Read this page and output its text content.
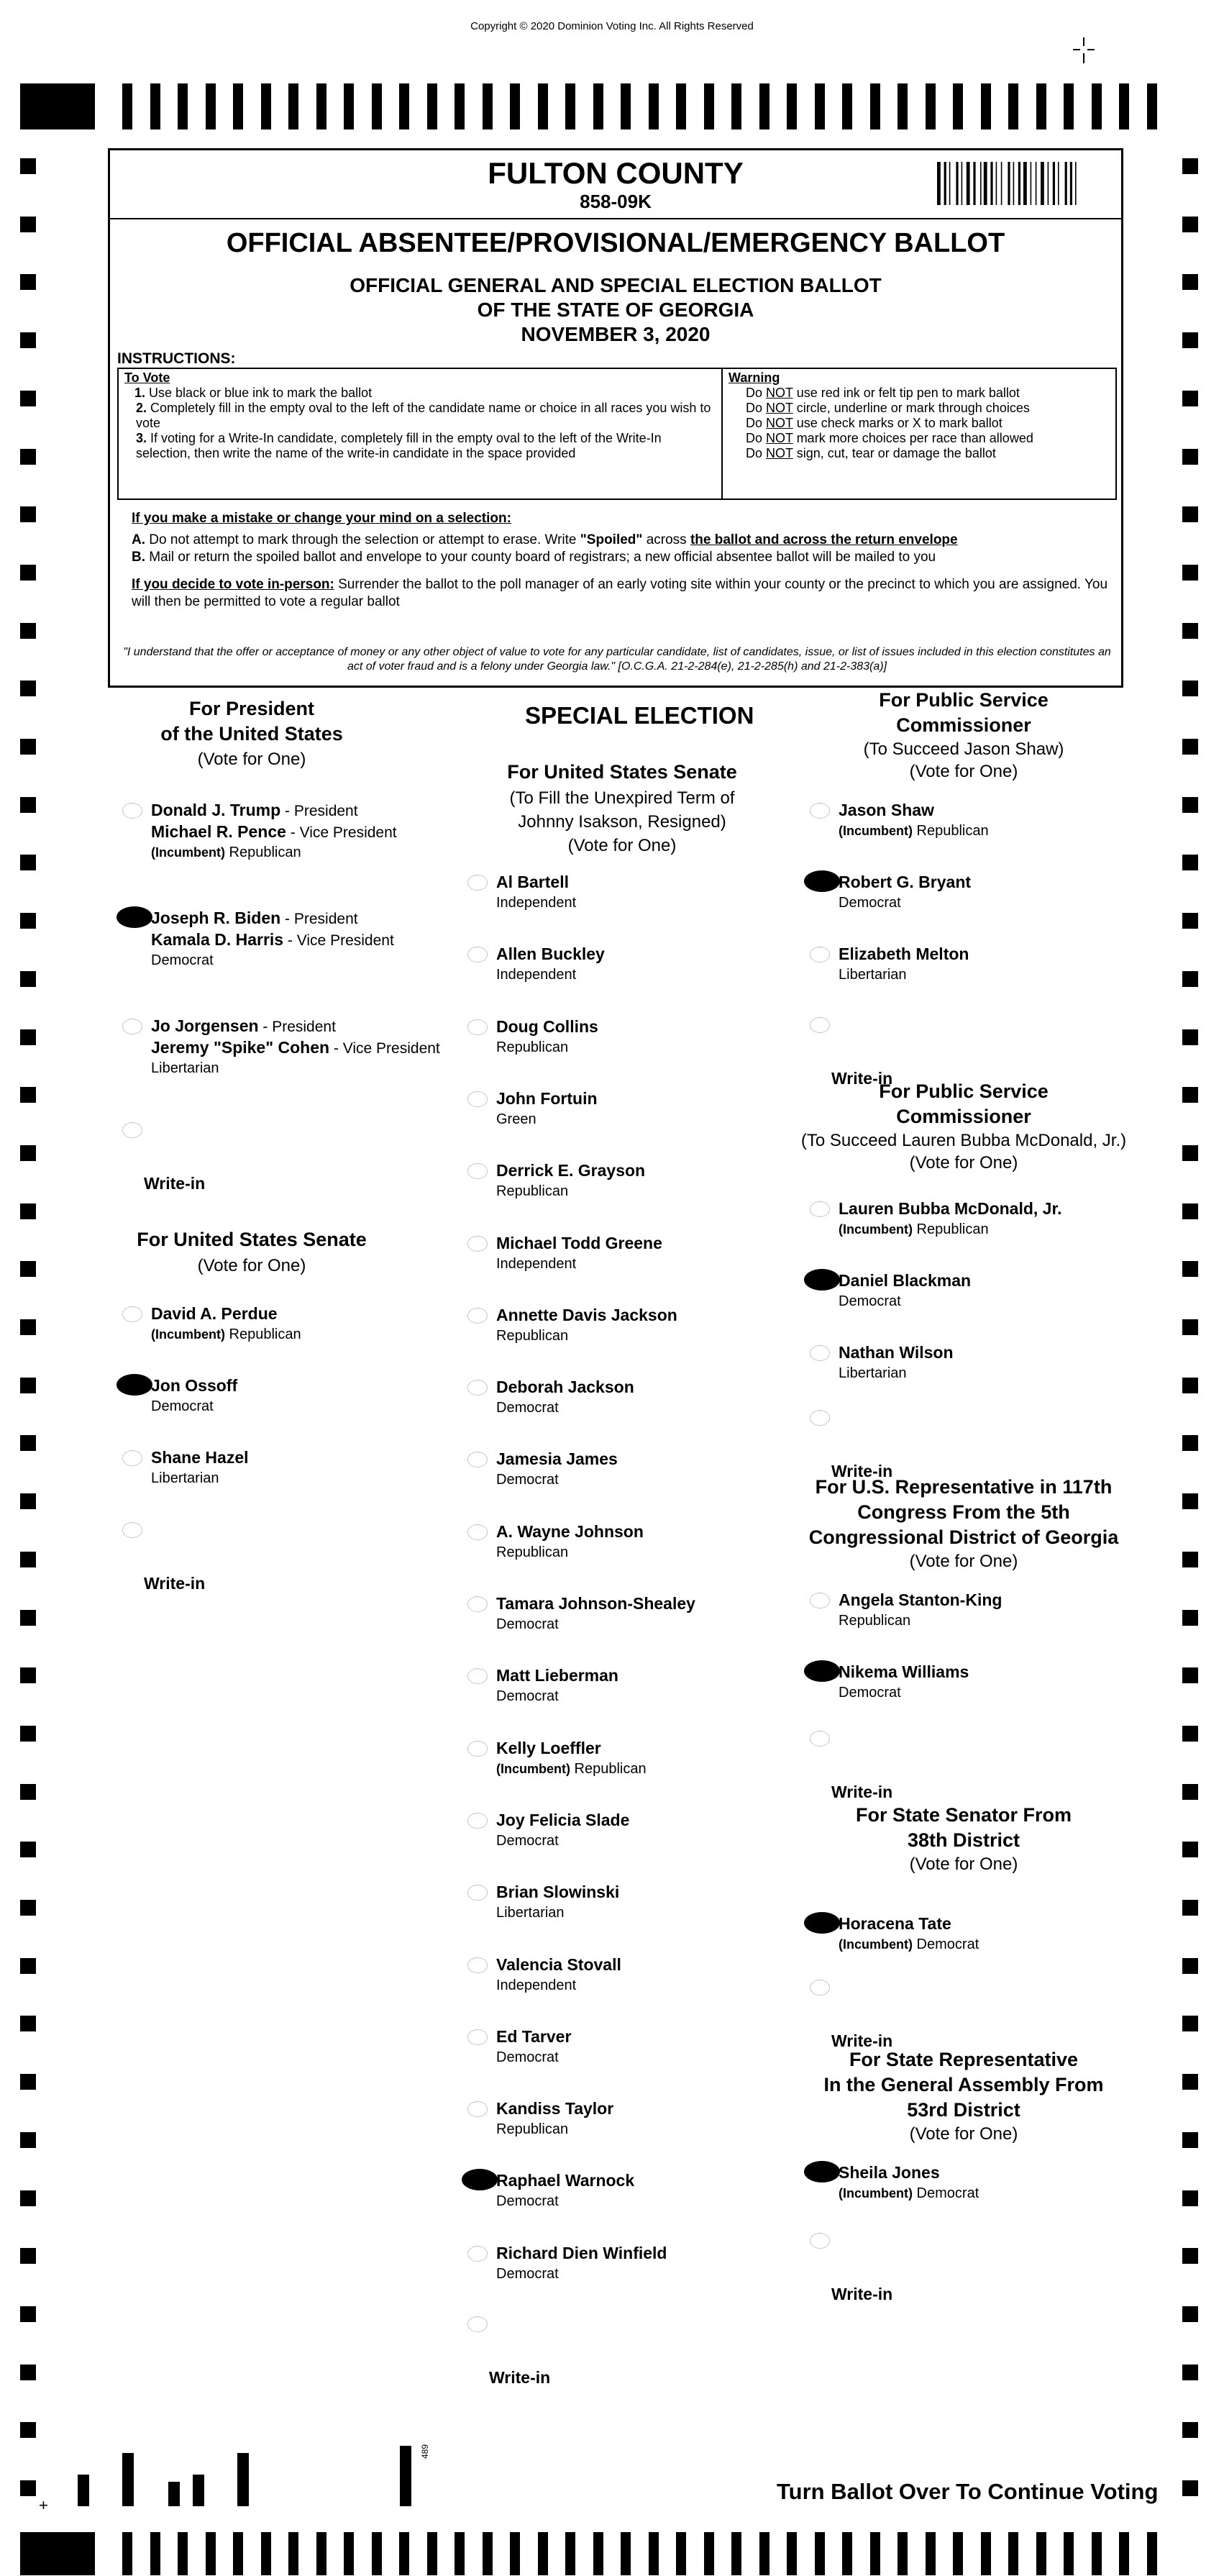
Copyright © 2020 Dominion Voting Inc. All Rights Reserved
FULTON COUNTY
858-09K
OFFICIAL ABSENTEE/PROVISIONAL/EMERGENCY BALLOT
OFFICIAL GENERAL AND SPECIAL ELECTION BALLOT
OF THE STATE OF GEORGIA
NOVEMBER 3, 2020
INSTRUCTIONS:
To Vote
1. Use black or blue ink to mark the ballot
2. Completely fill in the empty oval to the left of the candidate name or choice in all races you wish to vote
3. If voting for a Write-In candidate, completely fill in the empty oval to the left of the Write-In selection, then write the name of the write-in candidate in the space provided
Warning
Do NOT use red ink or felt tip pen to mark ballot
Do NOT circle, underline or mark through choices
Do NOT use check marks or X to mark ballot
Do NOT mark more choices per race than allowed
Do NOT sign, cut, tear or damage the ballot
If you make a mistake or change your mind on a selection:
A. Do not attempt to mark through the selection or attempt to erase. Write "Spoiled" across the ballot and across the return envelope
B. Mail or return the spoiled ballot and envelope to your county board of registrars; a new official absentee ballot will be mailed to you
If you decide to vote in-person: Surrender the ballot to the poll manager of an early voting site within your county or the precinct to which you are assigned. You will then be permitted to vote a regular ballot
"I understand that the offer or acceptance of money or any other object of value to vote for any particular candidate, list of candidates, issue, or list of issues included in this election constitutes an act of voter fraud and is a felony under Georgia law." [O.C.G.A. 21-2-284(e), 21-2-285(h) and 21-2-383(a)]
For President
of the United States
(Vote for One)
Donald J. Trump - President
Michael R. Pence - Vice President
(Incumbent) Republican
Joseph R. Biden - President
Kamala D. Harris - Vice President
Democrat
Jo Jorgensen - President
Jeremy "Spike" Cohen - Vice President
Libertarian
Write-in
For United States Senate
(Vote for One)
David A. Perdue
(Incumbent) Republican
Jon Ossoff
Democrat
Shane Hazel
Libertarian
Write-in
SPECIAL ELECTION
For United States Senate
(To Fill the Unexpired Term of
Johnny Isakson, Resigned)
(Vote for One)
Al Bartell
Independent
Allen Buckley
Independent
Doug Collins
Republican
John Fortuin
Green
Derrick E. Grayson
Republican
Michael Todd Greene
Independent
Annette Davis Jackson
Republican
Deborah Jackson
Democrat
Jamesia James
Democrat
A. Wayne Johnson
Republican
Tamara Johnson-Shealey
Democrat
Matt Lieberman
Democrat
Kelly Loeffler
(Incumbent) Republican
Joy Felicia Slade
Democrat
Brian Slowinski
Libertarian
Valencia Stovall
Independent
Ed Tarver
Democrat
Kandiss Taylor
Republican
Raphael Warnock
Democrat
Richard Dien Winfield
Democrat
Write-in
For Public Service
Commissioner
(To Succeed Jason Shaw)
(Vote for One)
Jason Shaw
(Incumbent) Republican
Robert G. Bryant
Democrat
Elizabeth Melton
Libertarian
Write-in
For Public Service
Commissioner
(To Succeed Lauren Bubba McDonald, Jr.)
(Vote for One)
Lauren Bubba McDonald, Jr.
(Incumbent) Republican
Daniel Blackman
Democrat
Nathan Wilson
Libertarian
Write-in
For U.S. Representative in 117th
Congress From the 5th
Congressional District of Georgia
(Vote for One)
Angela Stanton-King
Republican
Nikema Williams
Democrat
Write-in
For State Senator From
38th District
(Vote for One)
Horacena Tate
(Incumbent) Democrat
Write-in
For State Representative
In the General Assembly From
53rd District
(Vote for One)
Sheila Jones
(Incumbent) Democrat
Write-in
+
489
Turn Ballot Over To Continue Voting
